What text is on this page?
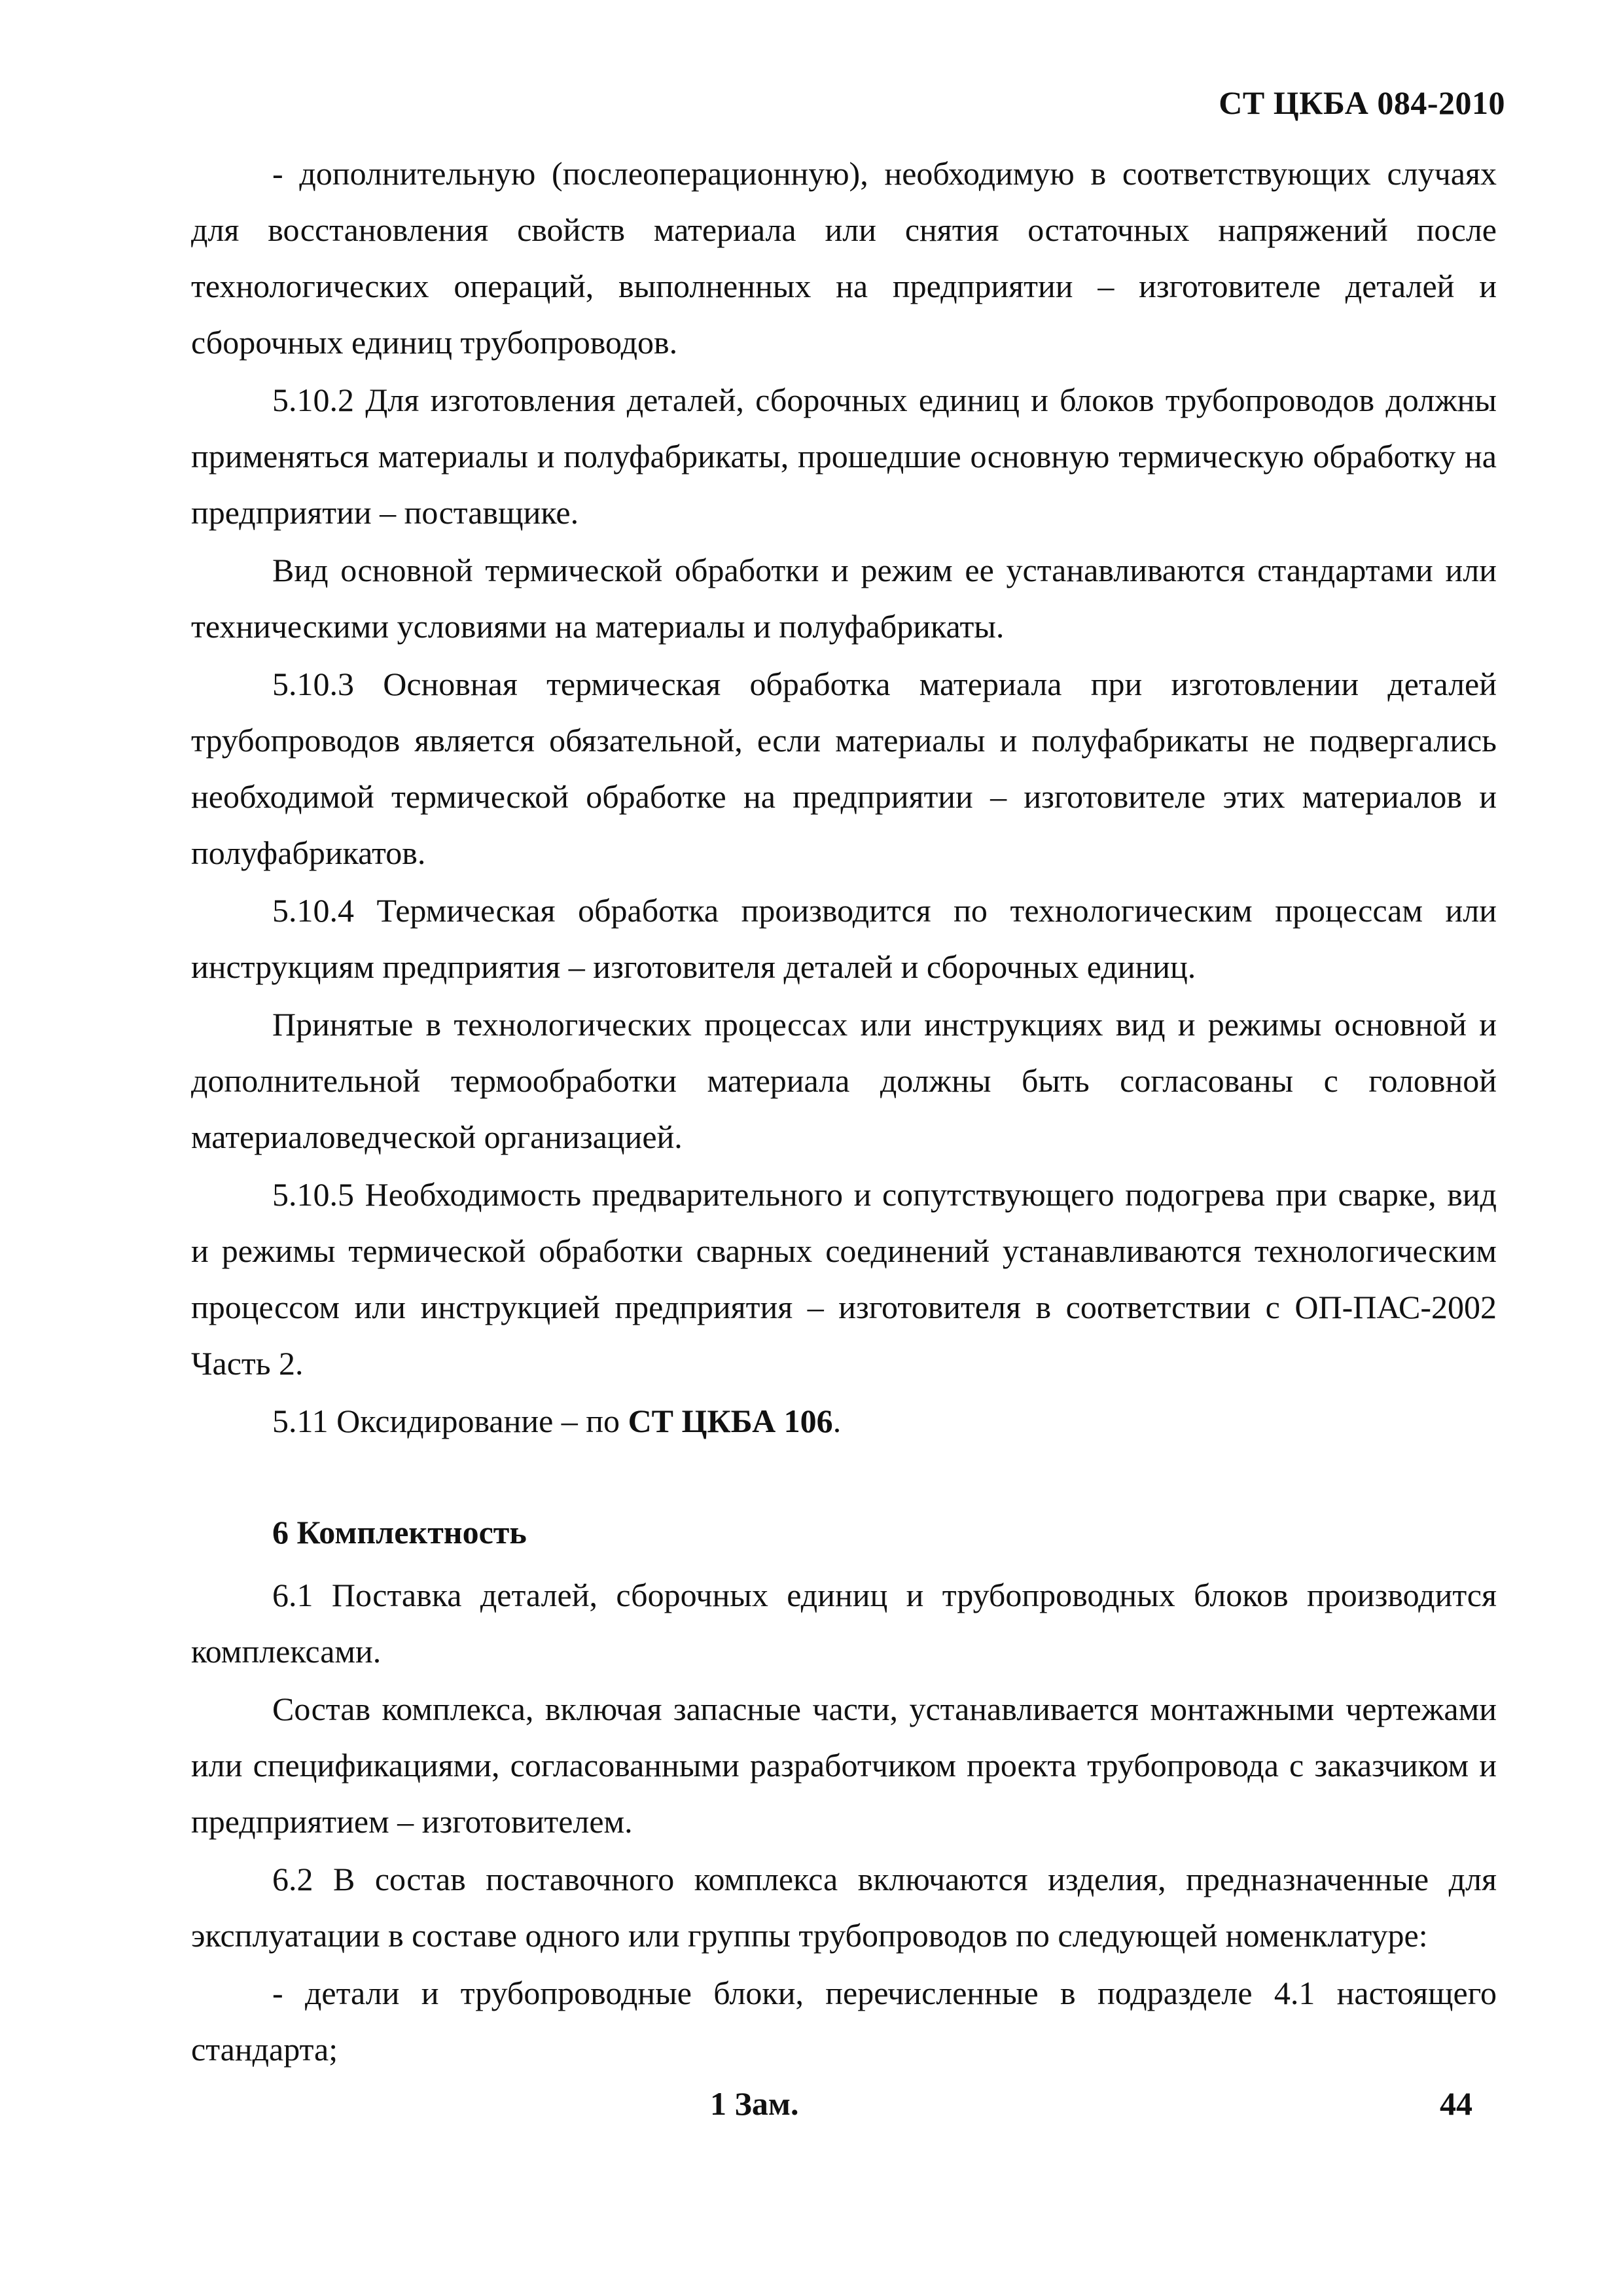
СТ ЦКБА 084-2010

- дополнительную (послеоперационную), необходимую в соответствующих случаях для восстановления свойств материала или снятия остаточных напряжений после технологических операций, выполненных на предприятии – изготовителе деталей и сборочных единиц трубопроводов.

5.10.2 Для изготовления деталей, сборочных единиц и блоков трубопроводов должны применяться материалы и полуфабрикаты, прошедшие основную термическую обработку на предприятии – поставщике.

Вид основной термической обработки и режим ее устанавливаются стандартами или техническими условиями на материалы и полуфабрикаты.

5.10.3 Основная термическая обработка материала при изготовлении деталей трубопроводов является обязательной, если материалы и полуфабрикаты не подвергались необходимой термической обработке на предприятии – изготовителе этих материалов и полуфабрикатов.

5.10.4 Термическая обработка производится по технологическим процессам или инструкциям предприятия – изготовителя деталей и сборочных единиц.

Принятые в технологических процессах или инструкциях вид и режимы основной и дополнительной термообработки материала должны быть согласованы с головной материаловедческой организацией.

5.10.5 Необходимость предварительного и сопутствующего подогрева при сварке, вид и режимы термической обработки сварных соединений устанавливаются технологическим процессом или инструкцией предприятия – изготовителя в соответствии с ОП-ПАС-2002 Часть 2.

5.11 Оксидирование – по СТ ЦКБА 106.

6 Комплектность

6.1 Поставка деталей, сборочных единиц и трубопроводных блоков производится комплексами.

Состав комплекса, включая запасные части, устанавливается монтажными чертежами или спецификациями, согласованными разработчиком проекта трубопровода с заказчиком и предприятием – изготовителем.

6.2 В состав поставочного комплекса включаются изделия, предназначенные для эксплуатации в составе одного или группы трубопроводов по следующей номенклатуре:

- детали и трубопроводные блоки, перечисленные в подразделе 4.1 настоящего стандарта;

1 Зам.	44
